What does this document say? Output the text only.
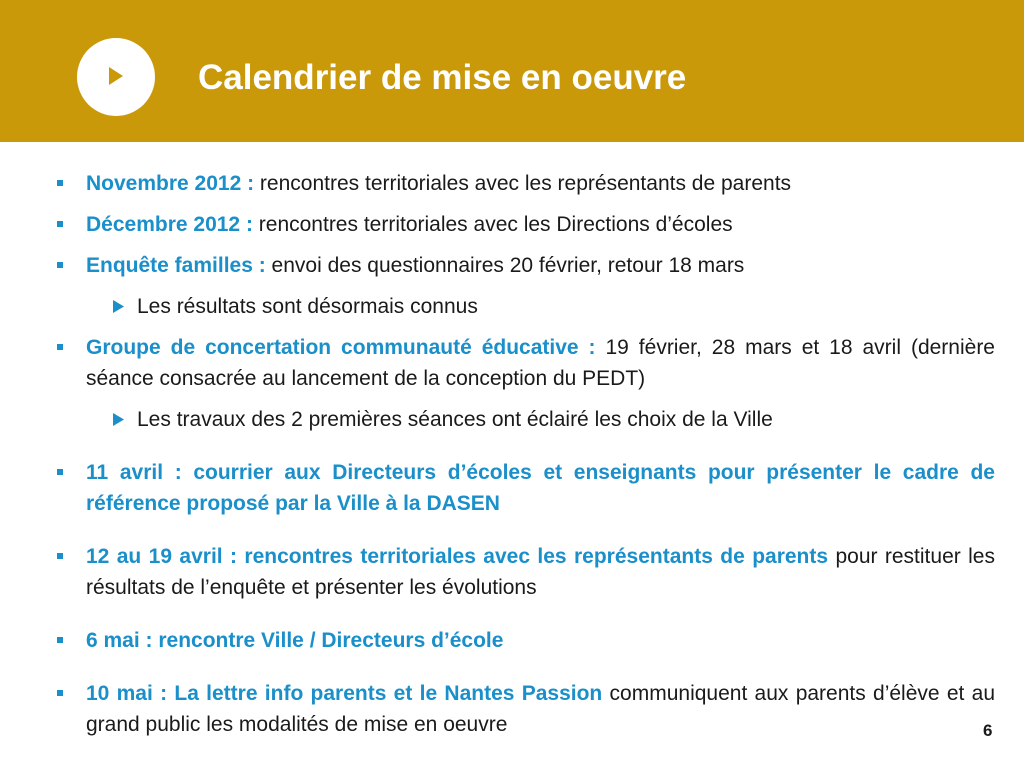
Calendrier de mise en oeuvre
Novembre 2012 : rencontres territoriales avec les représentants de parents
Décembre 2012 : rencontres territoriales avec les Directions d’écoles
Enquête familles : envoi des questionnaires 20 février, retour 18 mars
Les résultats sont désormais connus
Groupe de concertation communauté éducative : 19 février, 28 mars et 18 avril (dernière séance consacrée au lancement de la conception du PEDT)
Les travaux des 2 premières séances ont éclairé les choix de la Ville
11 avril : courrier aux Directeurs d’écoles et enseignants pour présenter le cadre de référence proposé par la Ville à la DASEN
12 au 19 avril : rencontres territoriales avec les représentants de parents pour restituer les résultats de l’enquête et présenter les évolutions
6 mai : rencontre Ville / Directeurs d’école
10 mai : La lettre info parents et le Nantes Passion communiquent aux parents d’élève et au grand public les modalités de mise en oeuvre	6
